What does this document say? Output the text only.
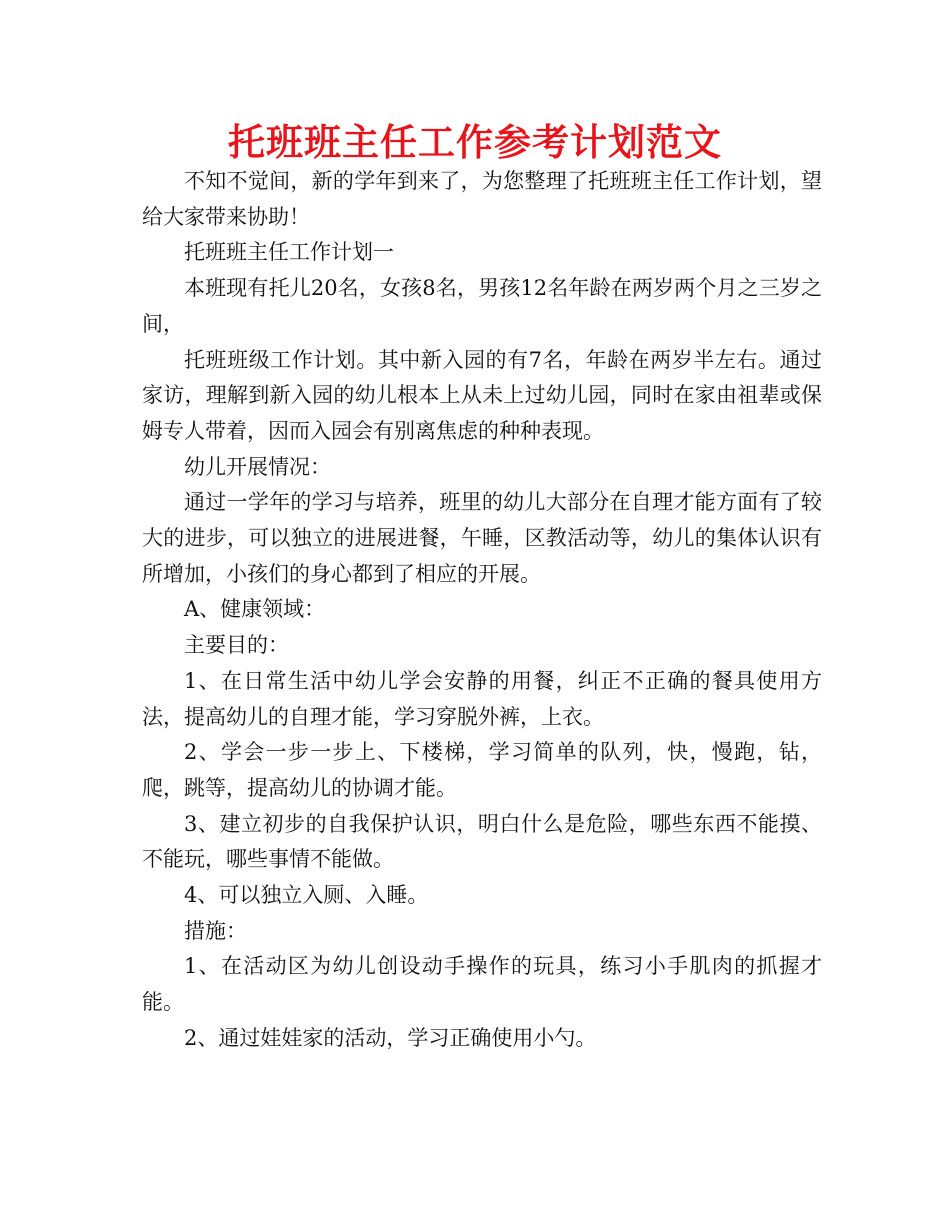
托班班主任工作参考计划范文

不知不觉间，新的学年到来了，为您整理了托班班主任工作计划，望给大家带来协助！

托班班主任工作计划一

本班现有托儿20名，女孩8名，男孩12名年龄在两岁两个月之三岁之间，

托班班级工作计划。其中新入园的有7名，年龄在两岁半左右。通过家访，理解到新入园的幼儿根本上从未上过幼儿园，同时在家由祖辈或保姆专人带着，因而入园会有别离焦虑的种种表现。

幼儿开展情况：

通过一学年的学习与培养，班里的幼儿大部分在自理才能方面有了较大的进步，可以独立的进展进餐，午睡，区教活动等，幼儿的集体认识有所增加，小孩们的身心都到了相应的开展。

A、健康领域：

主要目的：

1、在日常生活中幼儿学会安静的用餐，纠正不正确的餐具使用方法，提高幼儿的自理才能，学习穿脱外裤，上衣。

2、学会一步一步上、下楼梯，学习简单的队列，快，慢跑，钻，爬，跳等，提高幼儿的协调才能。

3、建立初步的自我保护认识，明白什么是危险，哪些东西不能摸、不能玩，哪些事情不能做。

4、可以独立入厕、入睡。

措施：

1、在活动区为幼儿创设动手操作的玩具，练习小手肌肉的抓握才能。

2、通过娃娃家的活动，学习正确使用小勺。
